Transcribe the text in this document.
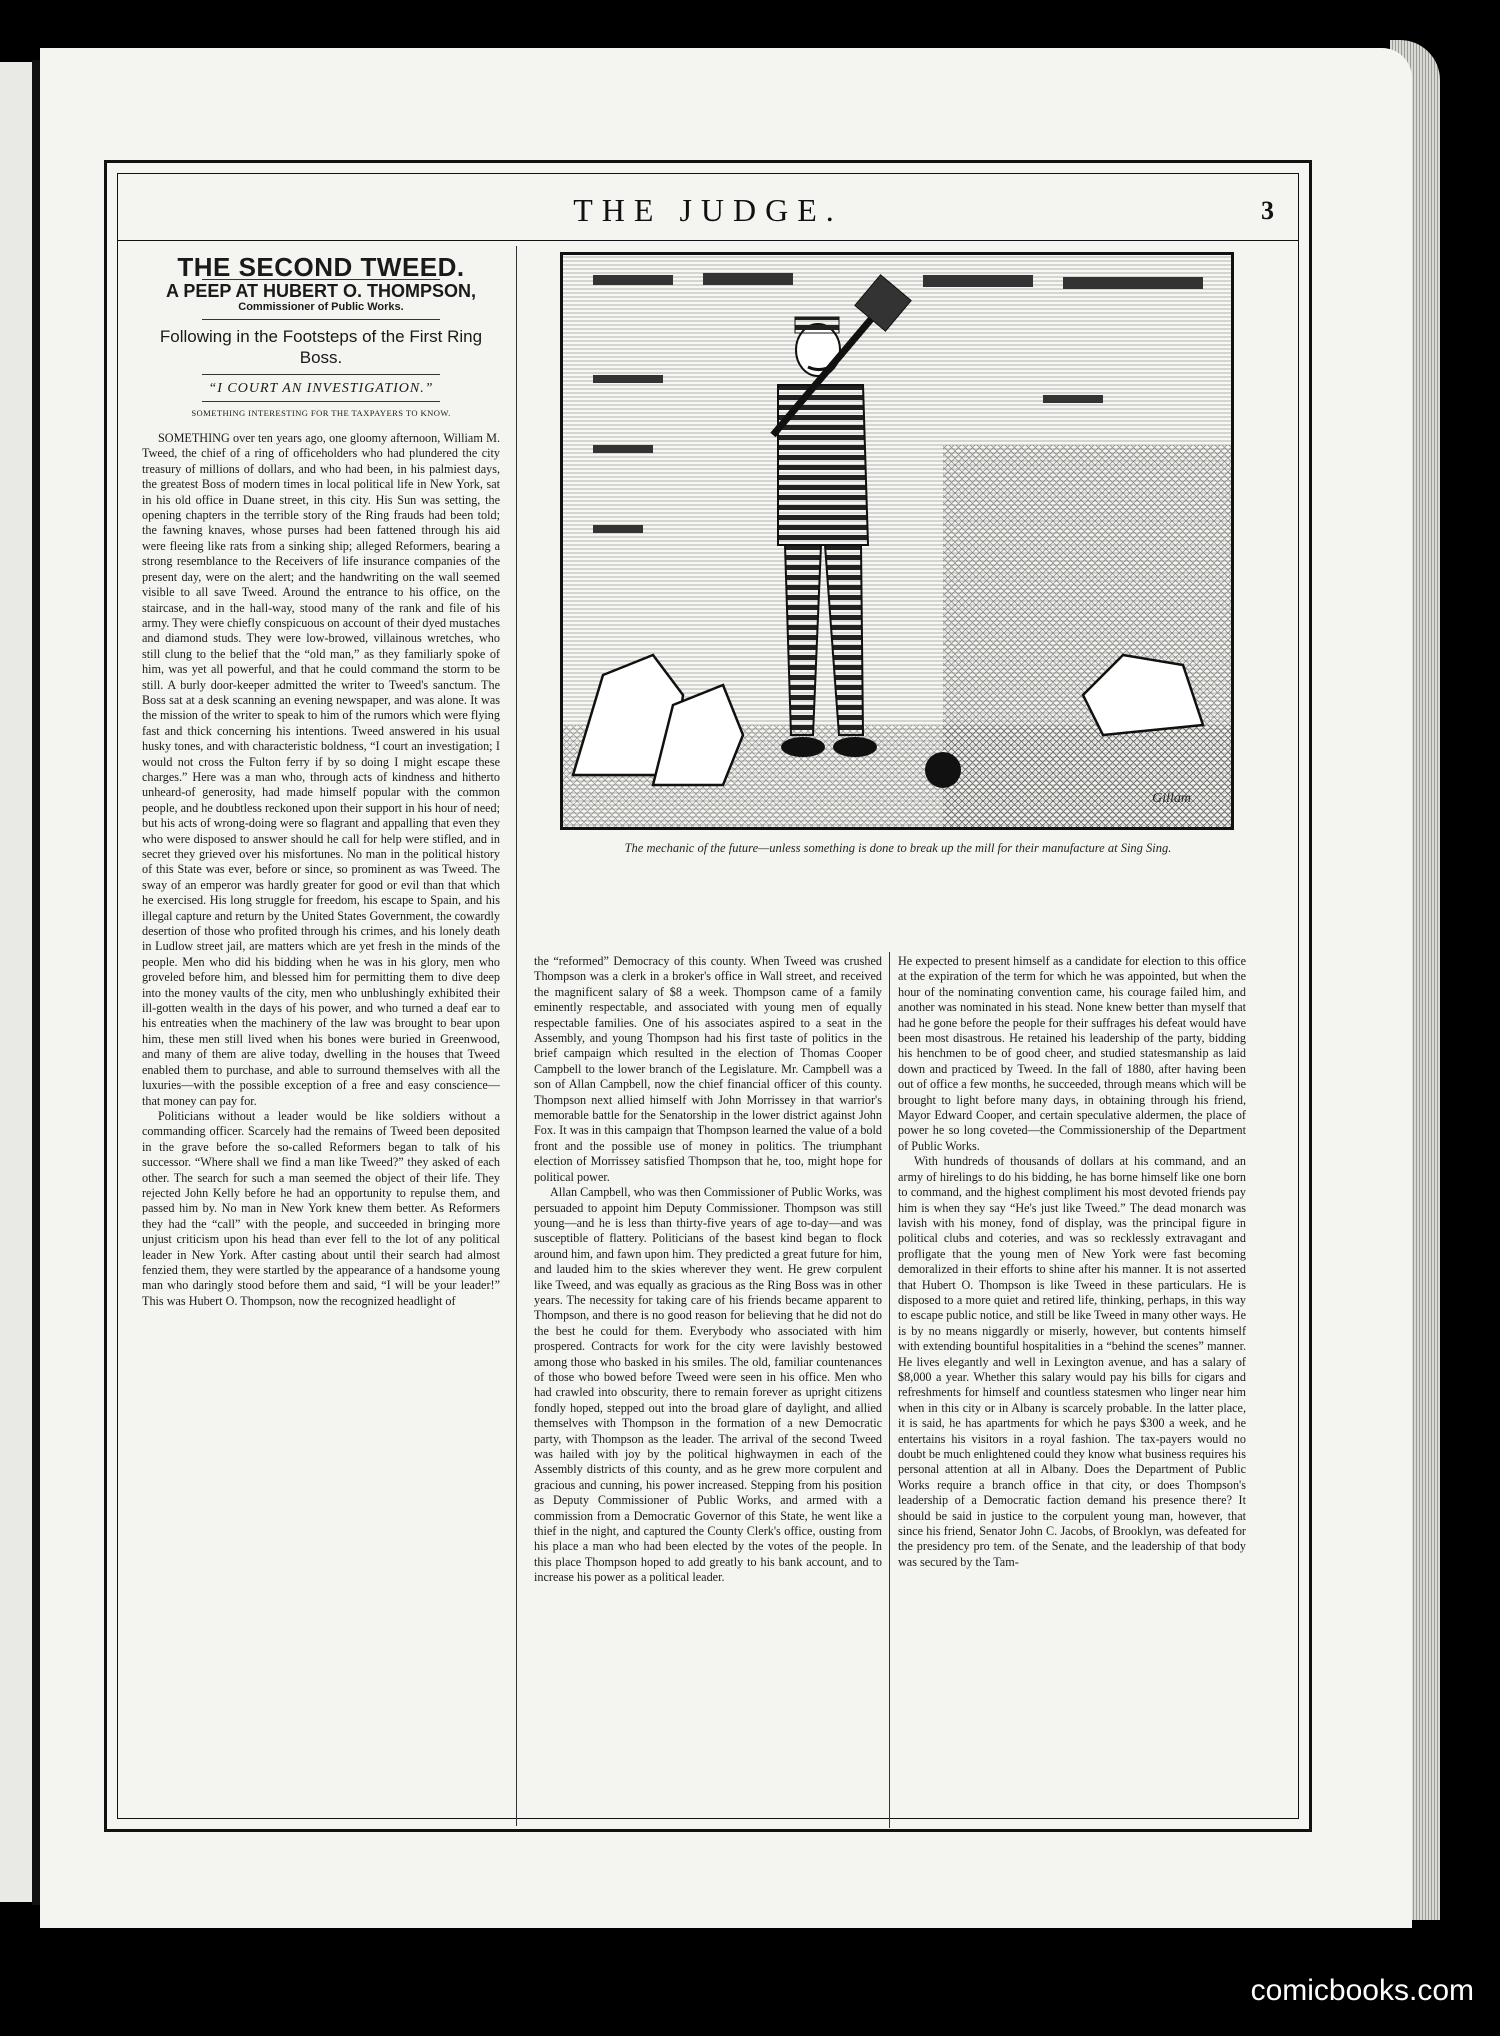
THE JUDGE.	3
THE SECOND TWEED.
A PEEP AT HUBERT O. THOMPSON,
Commissioner of Public Works.
Following in the Footsteps of the First Ring Boss.
“I COURT AN INVESTIGATION.”
SOMETHING INTERESTING FOR THE TAXPAYERS TO KNOW.

SOMETHING over ten years ago, one gloomy afternoon, William M. Tweed, the chief of a ring of officeholders who had plundered the city treasury of millions of dollars, and who had been, in his palmiest days, the greatest Boss of modern times in local political life in New York, sat in his old office in Duane street, in this city. His Sun was setting, the opening chapters in the terrible story of the Ring frauds had been told; the fawning knaves, whose purses had been fattened through his aid were fleeing like rats from a sinking ship; alleged Reformers, bearing a strong resemblance to the Receivers of life insurance companies of the present day, were on the alert; and the handwriting on the wall seemed visible to all save Tweed. Around the entrance to his office, on the staircase, and in the hall-way, stood many of the rank and file of his army. They were chiefly conspicuous on account of their dyed mustaches and diamond studs. They were low-browed, villainous wretches, who still clung to the belief that the “old man,” as they familiarly spoke of him, was yet all powerful, and that he could command the storm to be still. A burly door-keeper admitted the writer to Tweed's sanctum. The Boss sat at a desk scanning an evening newspaper, and was alone. It was the mission of the writer to speak to him of the rumors which were flying fast and thick concerning his intentions. Tweed answered in his usual husky tones, and with characteristic boldness, “I court an investigation; I would not cross the Fulton ferry if by so doing I might escape these charges.” Here was a man who, through acts of kindness and hitherto unheard-of generosity, had made himself popular with the common people, and he doubtless reckoned upon their support in his hour of need; but his acts of wrong-doing were so flagrant and appalling that even they who were disposed to answer should he call for help were stifled, and in secret they grieved over his misfortunes. No man in the political history of this State was ever, before or since, so prominent as was Tweed. The sway of an emperor was hardly greater for good or evil than that which he exercised. His long struggle for freedom, his escape to Spain, and his illegal capture and return by the United States Government, the cowardly desertion of those who profited through his crimes, and his lonely death in Ludlow street jail, are matters which are yet fresh in the minds of the people. Men who did his bidding when he was in his glory, men who groveled before him, and blessed him for permitting them to dive deep into the money vaults of the city, men who unblushingly exhibited their ill-gotten wealth in the days of his power, and who turned a deaf ear to his entreaties when the machinery of the law was brought to bear upon him, these men still lived when his bones were buried in Greenwood, and many of them are alive today, dwelling in the houses that Tweed enabled them to purchase, and able to surround themselves with all the luxuries—with the possible exception of a free and easy conscience—that money can pay for.

Politicians without a leader would be like soldiers without a commanding officer. Scarcely had the remains of Tweed been deposited in the grave before the so-called Reformers began to talk of his successor. “Where shall we find a man like Tweed?” they asked of each other. The search for such a man seemed the object of their life. They rejected John Kelly before he had an opportunity to repulse them, and passed him by. No man in New York knew them better. As Reformers they had the “call” with the people, and succeeded in bringing more unjust criticism upon his head than ever fell to the lot of any political leader in New York. After casting about until their search had almost fenzied them, they were startled by the appearance of a handsome young man who daringly stood before them and said, “I will be your leader!” This was Hubert O. Thompson, now the recognized headlight of

Gillam
The mechanic of the future—unless something is done to break up the mill for their manufacture at Sing Sing.

the “reformed” Democracy of this county. When Tweed was crushed Thompson was a clerk in a broker's office in Wall street, and received the magnificent salary of $8 a week. Thompson came of a family eminently respectable, and associated with young men of equally respectable families. One of his associates aspired to a seat in the Assembly, and young Thompson had his first taste of politics in the brief campaign which resulted in the election of Thomas Cooper Campbell to the lower branch of the Legislature. Mr. Campbell was a son of Allan Campbell, now the chief financial officer of this county. Thompson next allied himself with John Morrissey in that warrior's memorable battle for the Senatorship in the lower district against John Fox. It was in this campaign that Thompson learned the value of a bold front and the possible use of money in politics. The triumphant election of Morrissey satisfied Thompson that he, too, might hope for political power.

Allan Campbell, who was then Commissioner of Public Works, was persuaded to appoint him Deputy Commissioner. Thompson was still young—and he is less than thirty-five years of age to-day—and was susceptible of flattery. Politicians of the basest kind began to flock around him, and fawn upon him. They predicted a great future for him, and lauded him to the skies wherever they went. He grew corpulent like Tweed, and was equally as gracious as the Ring Boss was in other years. The necessity for taking care of his friends became apparent to Thompson, and there is no good reason for believing that he did not do the best he could for them. Everybody who associated with him prospered. Contracts for work for the city were lavishly bestowed among those who basked in his smiles. The old, familiar countenances of those who bowed before Tweed were seen in his office. Men who had crawled into obscurity, there to remain forever as upright citizens fondly hoped, stepped out into the broad glare of daylight, and allied themselves with Thompson in the formation of a new Democratic party, with Thompson as the leader. The arrival of the second Tweed was hailed with joy by the political highwaymen in each of the Assembly districts of this county, and as he grew more corpulent and gracious and cunning, his power increased. Stepping from his position as Deputy Commissioner of Public Works, and armed with a commission from a Democratic Governor of this State, he went like a thief in the night, and captured the County Clerk's office, ousting from his place a man who had been elected by the votes of the people. In this place Thompson hoped to add greatly to his bank account, and to increase his power as a political leader.

He expected to present himself as a candidate for election to this office at the expiration of the term for which he was appointed, but when the hour of the nominating convention came, his courage failed him, and another was nominated in his stead. None knew better than myself that had he gone before the people for their suffrages his defeat would have been most disastrous. He retained his leadership of the party, bidding his henchmen to be of good cheer, and studied statesmanship as laid down and practiced by Tweed. In the fall of 1880, after having been out of office a few months, he succeeded, through means which will be brought to light before many days, in obtaining through his friend, Mayor Edward Cooper, and certain speculative aldermen, the place of power he so long coveted—the Commissionership of the Department of Public Works.

With hundreds of thousands of dollars at his command, and an army of hirelings to do his bidding, he has borne himself like one born to command, and the highest compliment his most devoted friends pay him is when they say “He's just like Tweed.” The dead monarch was lavish with his money, fond of display, was the principal figure in political clubs and coteries, and was so recklessly extravagant and profligate that the young men of New York were fast becoming demoralized in their efforts to shine after his manner. It is not asserted that Hubert O. Thompson is like Tweed in these particulars. He is disposed to a more quiet and retired life, thinking, perhaps, in this way to escape public notice, and still be like Tweed in many other ways. He is by no means niggardly or miserly, however, but contents himself with extending bountiful hospitalities in a “behind the scenes” manner. He lives elegantly and well in Lexington avenue, and has a salary of $8,000 a year. Whether this salary would pay his bills for cigars and refreshments for himself and countless statesmen who linger near him when in this city or in Albany is scarcely probable. In the latter place, it is said, he has apartments for which he pays $300 a week, and he entertains his visitors in a royal fashion. The tax-payers would no doubt be much enlightened could they know what business requires his personal attention at all in Albany. Does the Department of Public Works require a branch office in that city, or does Thompson's leadership of a Democratic faction demand his presence there? It should be said in justice to the corpulent young man, however, that since his friend, Senator John C. Jacobs, of Brooklyn, was defeated for the presidency pro tem. of the Senate, and the leadership of that body was secured by the Tam-

comicbooks.com
